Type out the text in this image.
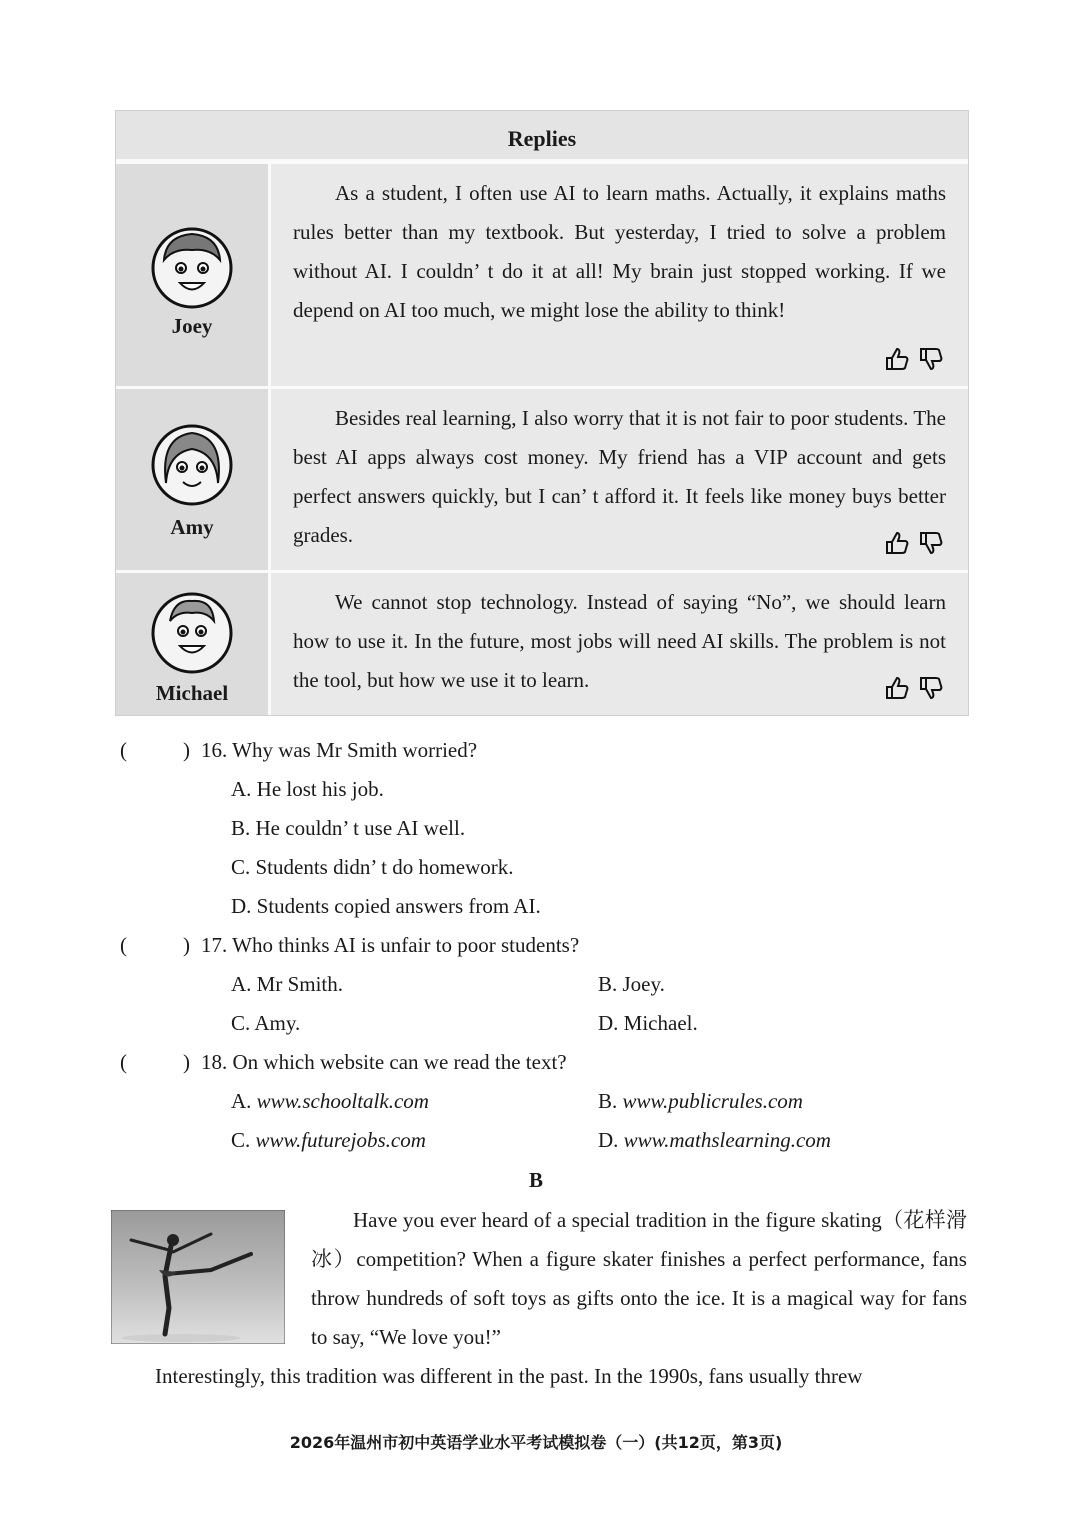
Replies
Joey

As a student, I often use AI to learn maths. Actually, it explains maths rules better than my textbook. But yesterday, I tried to solve a problem without AI. I couldn’ t do it at all! My brain just stopped working. If we depend on AI too much, we might lose the ability to think!

Amy

Besides real learning, I also worry that it is not fair to poor students. The best AI apps always cost money. My friend has a VIP account and gets perfect answers quickly, but I can’ t afford it. It feels like money buys better grades.

Michael

We cannot stop technology. Instead of saying “No”, we should learn how to use it. In the future, most jobs will need AI skills. The problem is not the tool, but how we use it to learn.

(	) 16. Why was Mr Smith worried?
A. He lost his job.
B. He couldn’ t use AI well.
C. Students didn’ t do homework.
D. Students copied answers from AI.
(	) 17. Who thinks AI is unfair to poor students?
A. Mr Smith.	B. Joey.
C. Amy.	D. Michael.
(	) 18. On which website can we read the text?
A. www.schooltalk.com	B. www.publicrules.com
C. www.futurejobs.com	D. www.mathslearning.com
B
Have you ever heard of a special tradition in the figure skating（花样滑冰）competition? When a figure skater finishes a perfect performance, fans throw hundreds of soft toys as gifts onto the ice. It is a magical way for fans to say, “We love you!”
Interestingly, this tradition was different in the past. In the 1990s, fans usually threw
2026年温州市初中英语学业水平考试模拟卷（一）(共12页，第3页)
